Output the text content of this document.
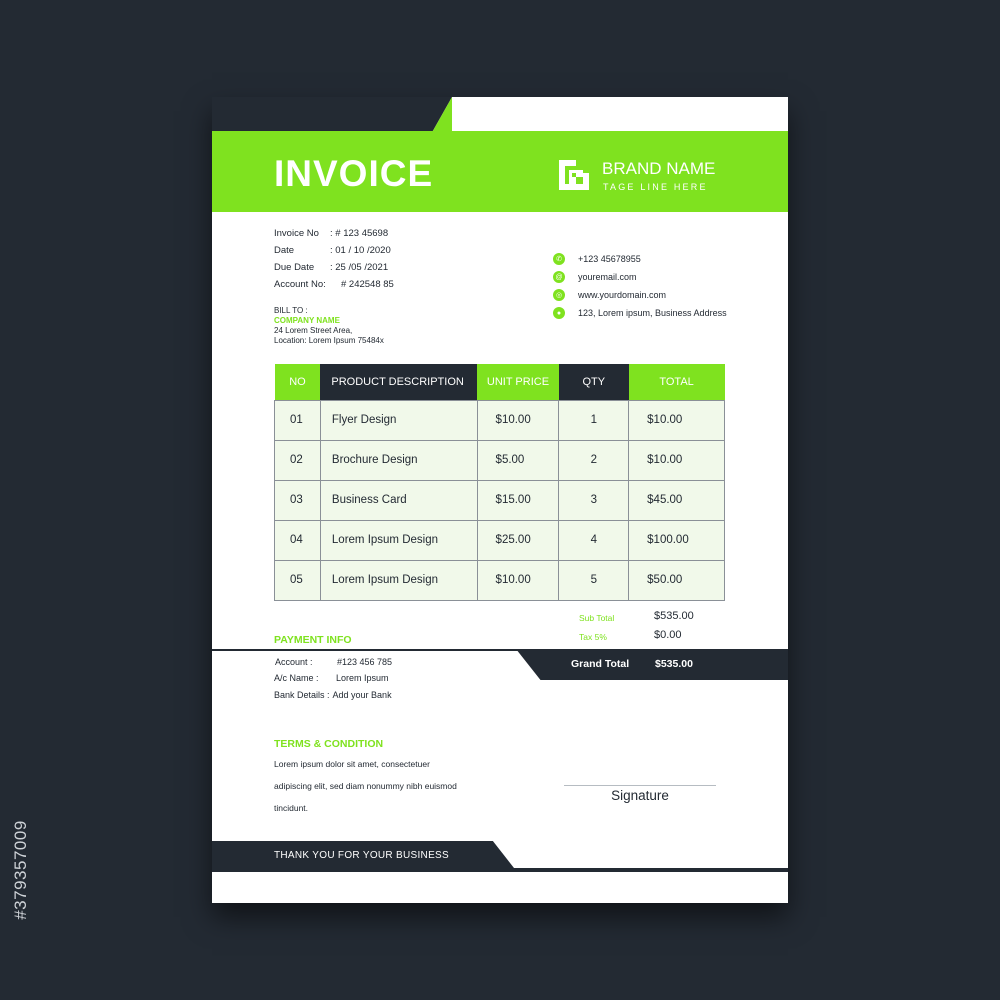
#379357009
INVOICE	BRAND NAME
TAGE LINE HERE
Invoice No	: # 123 45698
Date	: 01 / 10 /2020
Due Date	: 25 /05 /2021
Account No:	# 242548 85
BILL TO :
COMPANY NAME
24 Lorem Street Area,
Location: Lorem Ipsum 75484x
✆	+123 45678955
@ youremail.com
◎	www.yourdomain.com
●	123, Lorem ipsum, Business Address
NO	PRODUCT DESCRIPTION	UNIT PRICE	QTY	TOTAL
01	Flyer Design	$10.00	1	$10.00
02	Brochure Design	$5.00	2	$10.00
03	Business Card	$15.00	3	$45.00
04	Lorem Ipsum Design	$25.00	4	$100.00
05	Lorem Ipsum Design	$10.00	5	$50.00
Sub Total	$535.00
Tax 5%	$0.00
PAYMENT INFO
Grand Total $535.00
Account :	#123 456 785
A/c Name :	Lorem Ipsum
Bank Details : Add your Bank
TERMS & CONDITION
Lorem ipsum dolor sit amet, consectetuer adipiscing elit, sed diam nonummy nibh euismod tincidunt.
Signature
THANK YOU FOR YOUR BUSINESS
